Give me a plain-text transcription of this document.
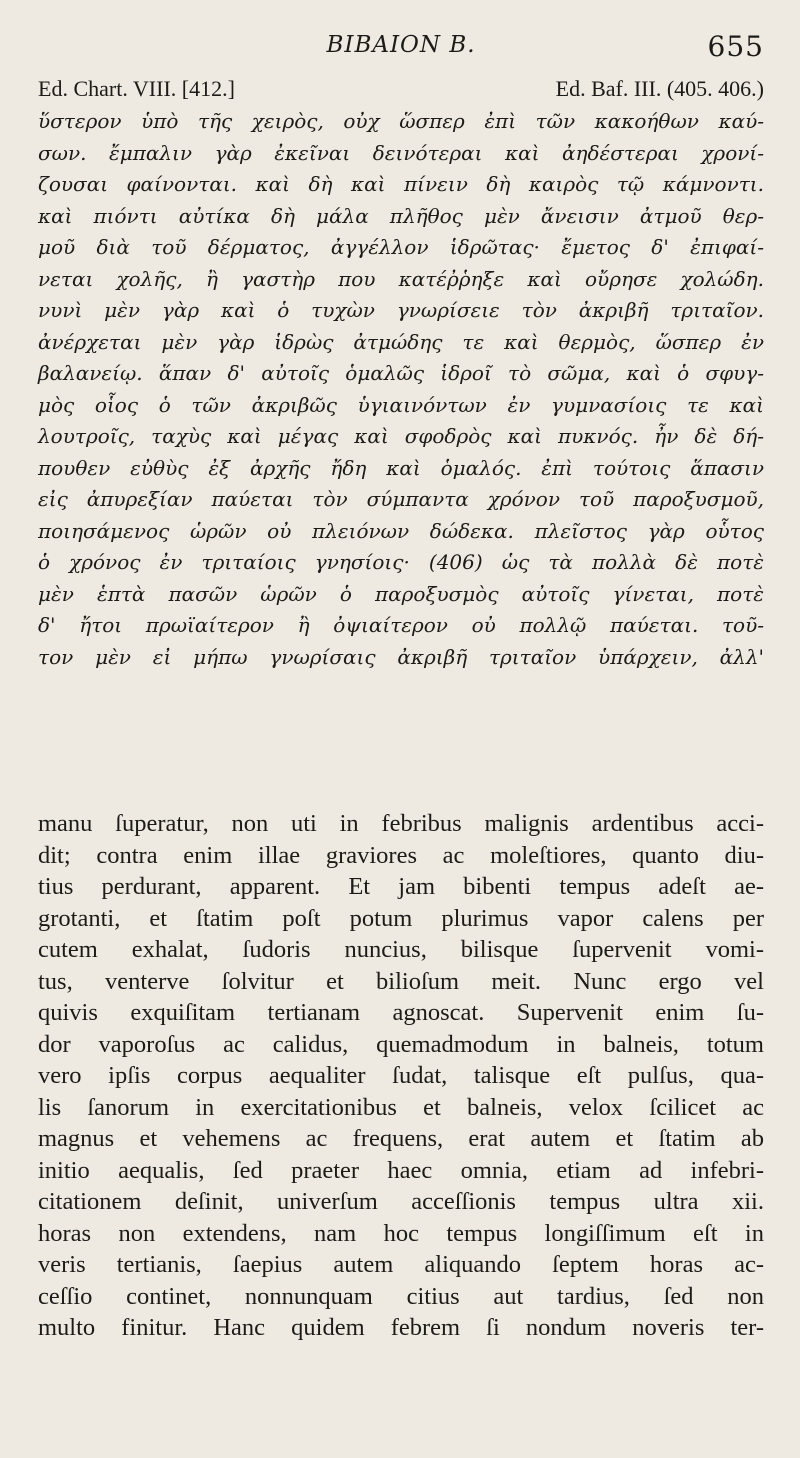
BIBAION B.	655
Ed. Chart. VIII. [412.]	Ed. Baf. III. (405. 406.)
ὕστερον ὑπὸ τῆς χειρὸς, οὐχ ὥσπερ ἐπὶ τῶν κακοήθων καύ-
σων. ἔμπαλιν γὰρ ἐκεῖναι δεινότεραι καὶ ἀηδέστεραι χρονί-
ζουσαι φαίνονται. καὶ δὴ καὶ πίνειν δὴ καιρὸς τῷ κάμνοντι.
καὶ πιόντι αὐτίκα δὴ μάλα πλῆθος μὲν ἄνεισιν ἀτμοῦ θερ-
μοῦ διὰ τοῦ δέρματος, ἀγγέλλον ἱδρῶτας· ἔμετος δ' ἐπιφαί-
νεται χολῆς, ἢ γαστὴρ που κατέῤῥηξε καὶ οὔρησε χολώδη.
νυνὶ μὲν γὰρ καὶ ὁ τυχὼν γνωρίσειε τὸν ἀκριβῆ τριταῖον.
ἀνέρχεται μὲν γὰρ ἱδρὼς ἀτμώδης τε καὶ θερμὸς, ὥσπερ ἐν
βαλανείῳ. ἅπαν δ' αὐτοῖς ὁμαλῶς ἱδροῖ τὸ σῶμα, καὶ ὁ σφυγ-
μὸς οἷος ὁ τῶν ἀκριβῶς ὑγιαινόντων ἐν γυμνασίοις τε καὶ
λουτροῖς, ταχὺς καὶ μέγας καὶ σφοδρὸς καὶ πυκνός. ἦν δὲ δή-
πουθεν εὐθὺς ἐξ ἀρχῆς ἤδη καὶ ὁμαλός. ἐπὶ τούτοις ἅπασιν
εἰς ἀπυρεξίαν παύεται τὸν σύμπαντα χρόνον τοῦ παροξυσμοῦ,
ποιησάμενος ὡρῶν οὐ πλειόνων δώδεκα. πλεῖστος γὰρ οὗτος
ὁ χρόνος ἐν τριταίοις γνησίοις· (406) ὡς τὰ πολλὰ δὲ ποτὲ
μὲν ἑπτὰ πασῶν ὡρῶν ὁ παροξυσμὸς αὐτοῖς γίνεται, ποτὲ
δ' ἤτοι πρωϊαίτερον ἢ ὀψιαίτερον οὐ πολλῷ παύεται. τοῦ-
τον μὲν εἰ μήπω γνωρίσαις ἀκριβῆ τριταῖον ὑπάρχειν, ἀλλ'
manu ſuperatur, non uti in febribus malignis ardentibus acci-
dit; contra enim illae graviores ac moleſtiores, quanto diu-
tius perdurant, apparent. Et jam bibenti tempus adeſt ae-
grotanti, et ſtatim poſt potum plurimus vapor calens per
cutem exhalat, ſudoris nuncius, bilisque ſupervenit vomi-
tus, venterve ſolvitur et bilioſum meit. Nunc ergo vel
quivis exquiſitam tertianam agnoscat. Supervenit enim ſu-
dor vaporoſus ac calidus, quemadmodum in balneis, totum
vero ipſis corpus aequaliter ſudat, talisque eſt pulſus, qua-
lis ſanorum in exercitationibus et balneis, velox ſcilicet ac
magnus et vehemens ac frequens, erat autem et ſtatim ab
initio aequalis, ſed praeter haec omnia, etiam ad infebri-
citationem deſinit, univerſum acceſſionis tempus ultra xii.
horas non extendens, nam hoc tempus longiſſimum eſt in
veris tertianis, ſaepius autem aliquando ſeptem horas ac-
ceſſio continet, nonnunquam citius aut tardius, ſed non
multo finitur. Hanc quidem febrem ſi nondum noveris ter-
